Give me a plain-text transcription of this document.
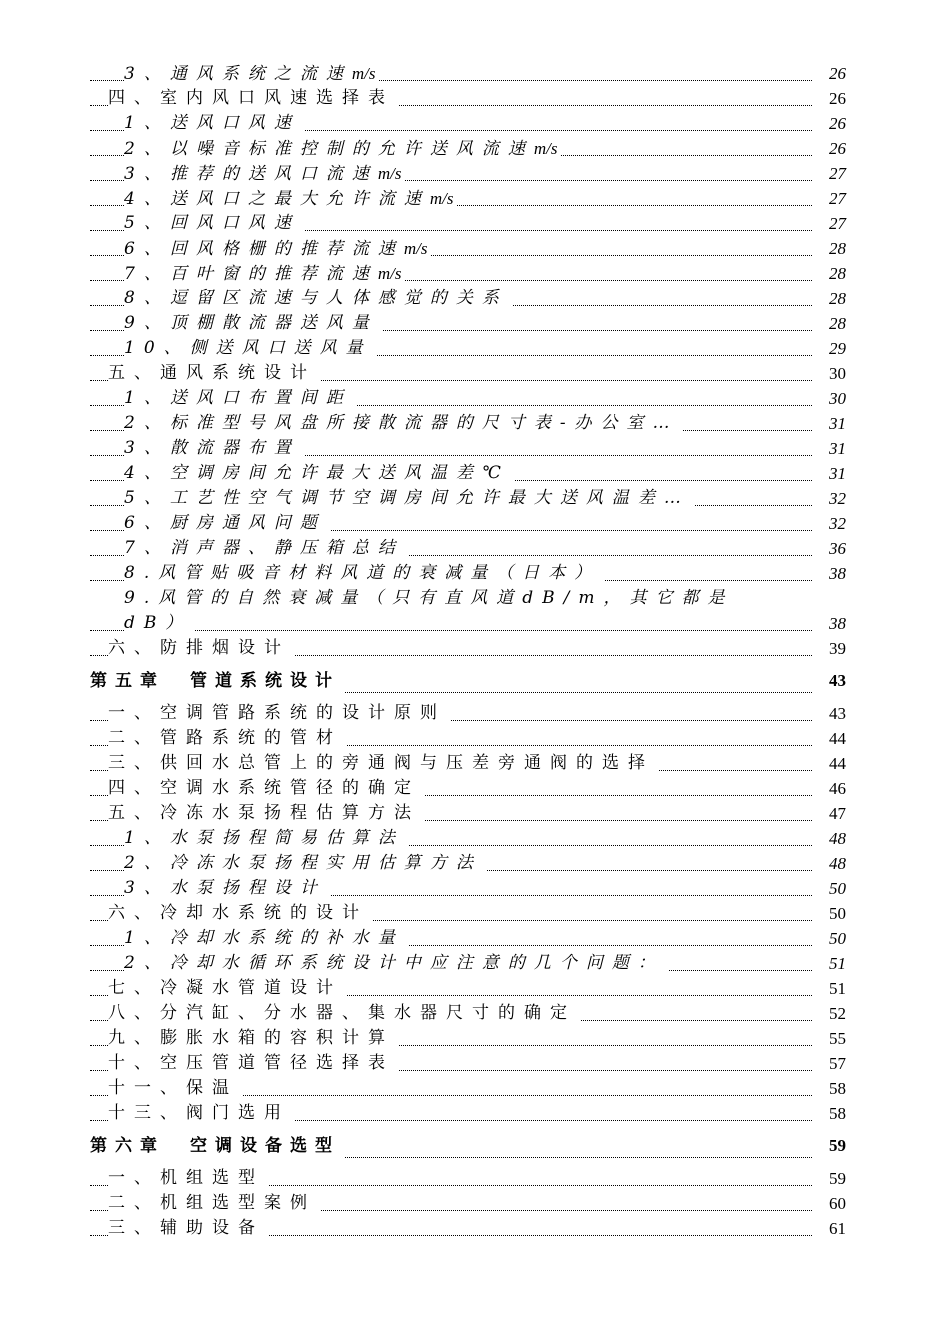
3、通风系统之流速m/s	26
四、室内风口风速选择表	26
1、送风口风速	26
2、以噪音标准控制的允许送风流速m/s	26
3、推荐的送风口流速m/s	27
4、送风口之最大允许流速m/s	27
5、回风口风速	27
6、回风格栅的推荐流速m/s	28
7、百叶窗的推荐流速m/s	28
8、逗留区流速与人体感觉的关系	28
9、顶棚散流器送风量	28
10、侧送风口送风量	29
五、通风系统设计	30
1、送风口布置间距	30
2、标准型号风盘所接散流器的尺寸表-办公室…	31
3、散流器布置	31
4、空调房间允许最大送风温差℃	31
5、工艺性空气调节空调房间允许最大送风温差…	32
6、厨房通风问题	32
7、消声器、静压箱总结	36
8.风管贴吸音材料风道的衰减量（日本）	38
9.风管的自然衰减量（只有直风道dB/m，其它都是
dB）	38
六、防排烟设计	39
第五章　管道系统设计	43
一、空调管路系统的设计原则	43
二、管路系统的管材	44
三、供回水总管上的旁通阀与压差旁通阀的选择	44
四、空调水系统管径的确定	46
五、冷冻水泵扬程估算方法	47
1、水泵扬程简易估算法	48
2、冷冻水泵扬程实用估算方法	48
3、水泵扬程设计	50
六、冷却水系统的设计	50
1、冷却水系统的补水量	50
2、冷却水循环系统设计中应注意的几个问题：	51
七、冷凝水管道设计	51
八、分汽缸、分水器、集水器尺寸的确定	52
九、膨胀水箱的容积计算	55
十、空压管道管径选择表	57
十一、保温	58
十三、阀门选用	58
第六章　空调设备选型	59
一、机组选型	59
二、机组选型案例	60
三、辅助设备	61
